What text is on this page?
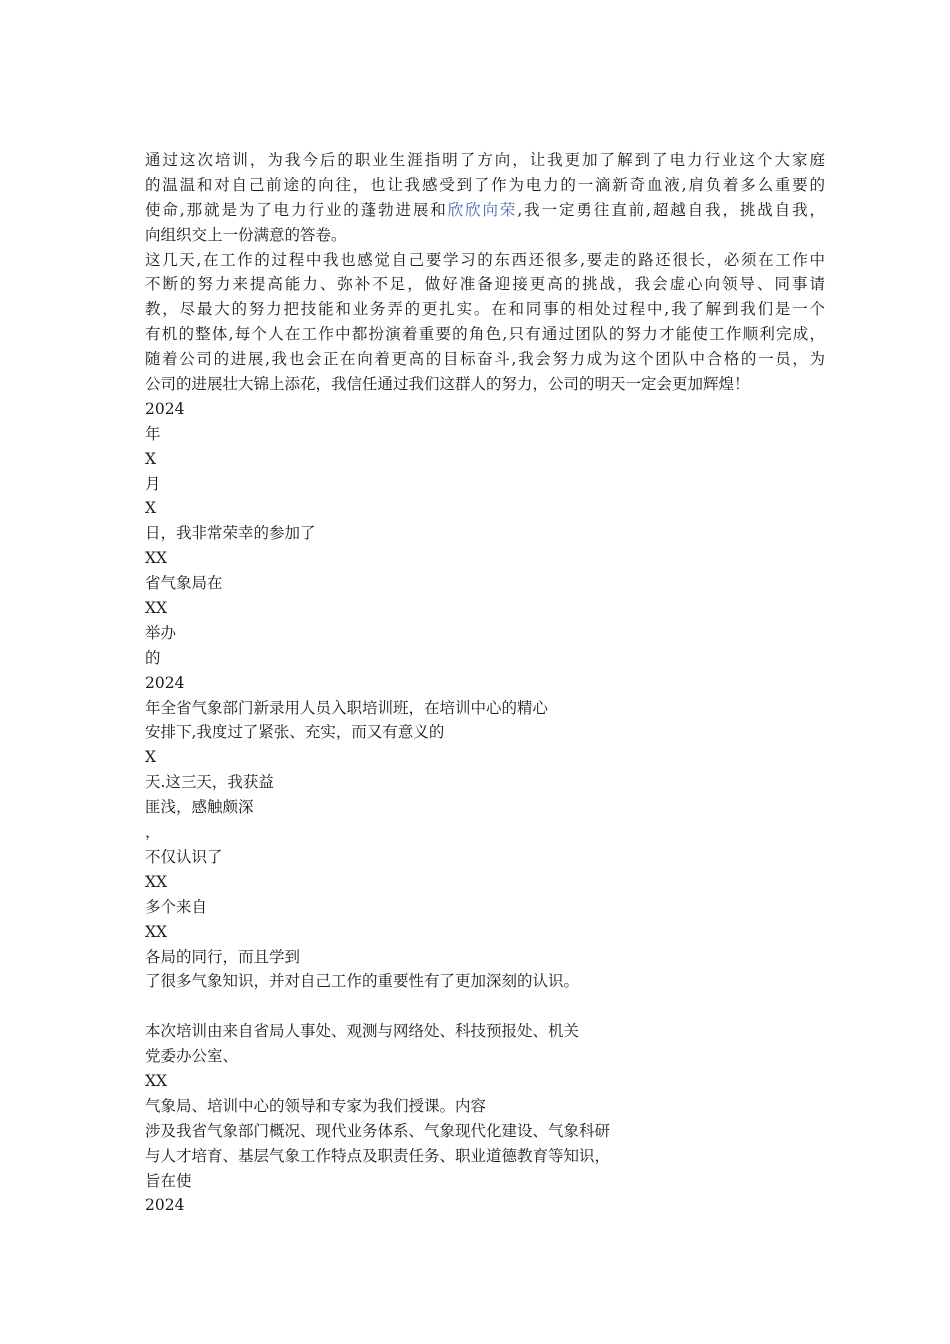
通过这次培训，为我今后的职业生涯指明了方向，让我更加了解到了电力行业这个大家庭
的温温和对自己前途的向往，也让我感受到了作为电力的一滴新奇血液,肩负着多么重要的
使命,那就是为了电力行业的蓬勃进展和欣欣向荣,我一定勇往直前,超越自我，挑战自我，
向组织交上一份满意的答卷。
这几天,在工作的过程中我也感觉自己要学习的东西还很多,要走的路还很长，必须在工作中
不断的努力来提高能力、弥补不足，做好准备迎接更高的挑战，我会虚心向领导、同事请
教，尽最大的努力把技能和业务弄的更扎实。在和同事的相处过程中,我了解到我们是一个
有机的整体,每个人在工作中都扮演着重要的角色,只有通过团队的努力才能使工作顺利完成，
随着公司的进展,我也会正在向着更高的目标奋斗,我会努力成为这个团队中合格的一员，为
公司的进展壮大锦上添花，我信任通过我们这群人的努力，公司的明天一定会更加辉煌！
2024
年
X
月
X
日，我非常荣幸的参加了
XX
省气象局在
XX
举办
的
2024
年全省气象部门新录用人员入职培训班，在培训中心的精心
安排下,我度过了紧张、充实，而又有意义的
X
天.这三天，我获益
匪浅，感触颇深
，
不仅认识了
XX
多个来自
XX
各局的同行，而且学到
了很多气象知识，并对自己工作的重要性有了更加深刻的认识。
本次培训由来自省局人事处、观测与网络处、科技预报处、机关
党委办公室、
XX
气象局、培训中心的领导和专家为我们授课。内容
涉及我省气象部门概况、现代业务体系、气象现代化建设、气象科研
与人才培育、基层气象工作特点及职责任务、职业道德教育等知识，
旨在使
2024
